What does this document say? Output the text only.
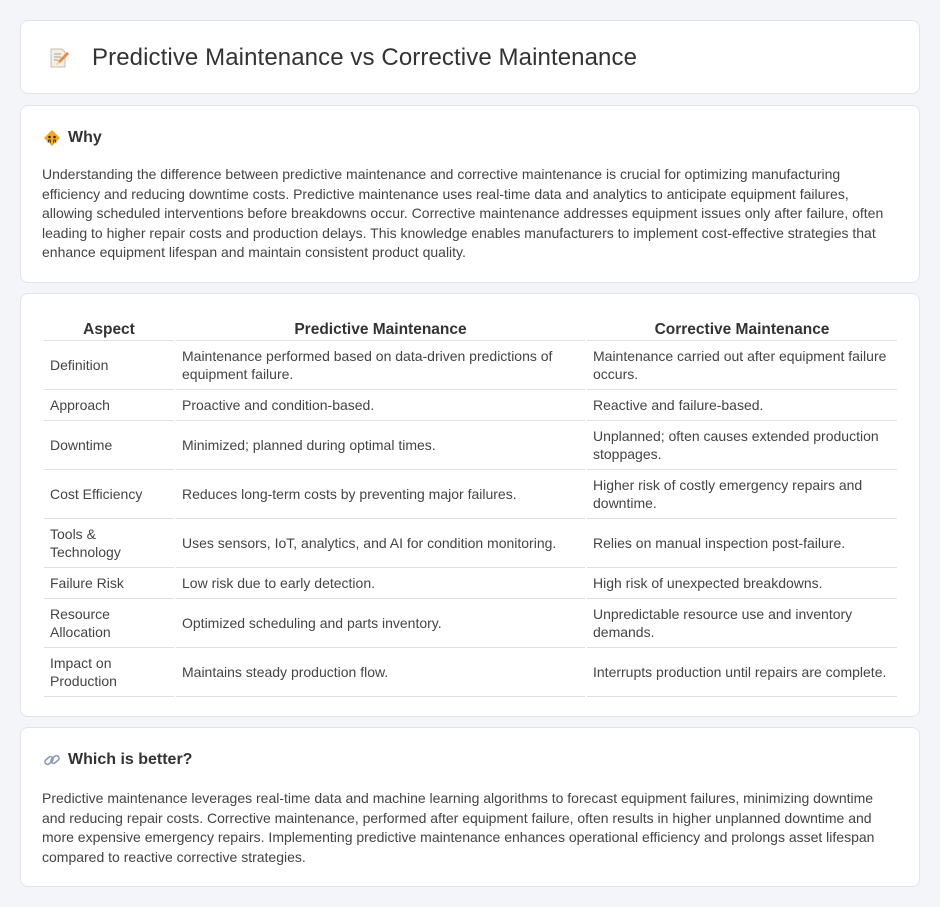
Predictive Maintenance vs Corrective Maintenance
Why

Understanding the difference between predictive maintenance and corrective maintenance is crucial for optimizing manufacturing efficiency and reducing downtime costs. Predictive maintenance uses real-time data and analytics to anticipate equipment failures, allowing scheduled interventions before breakdowns occur. Corrective maintenance addresses equipment issues only after failure, often leading to higher repair costs and production delays. This knowledge enables manufacturers to implement cost-effective strategies that enhance equipment lifespan and maintain consistent product quality.

Aspect	Predictive Maintenance	Corrective Maintenance
Definition	Maintenance performed based on data-driven predictions of equipment failure.	Maintenance carried out after equipment failure occurs.
Approach	Proactive and condition-based.	Reactive and failure-based.
Downtime	Minimized; planned during optimal times.	Unplanned; often causes extended production stoppages.
Cost Efficiency	Reduces long-term costs by preventing major failures.	Higher risk of costly emergency repairs and downtime.
Tools & Technology	Uses sensors, IoT, analytics, and AI for condition monitoring.	Relies on manual inspection post-failure.
Failure Risk	Low risk due to early detection.	High risk of unexpected breakdowns.
Resource Allocation	Optimized scheduling and parts inventory.	Unpredictable resource use and inventory demands.
Impact on Production	Maintains steady production flow.	Interrupts production until repairs are complete.
Which is better?

Predictive maintenance leverages real-time data and machine learning algorithms to forecast equipment failures, minimizing downtime and reducing repair costs. Corrective maintenance, performed after equipment failure, often results in higher unplanned downtime and more expensive emergency repairs. Implementing predictive maintenance enhances operational efficiency and prolongs asset lifespan compared to reactive corrective strategies.
